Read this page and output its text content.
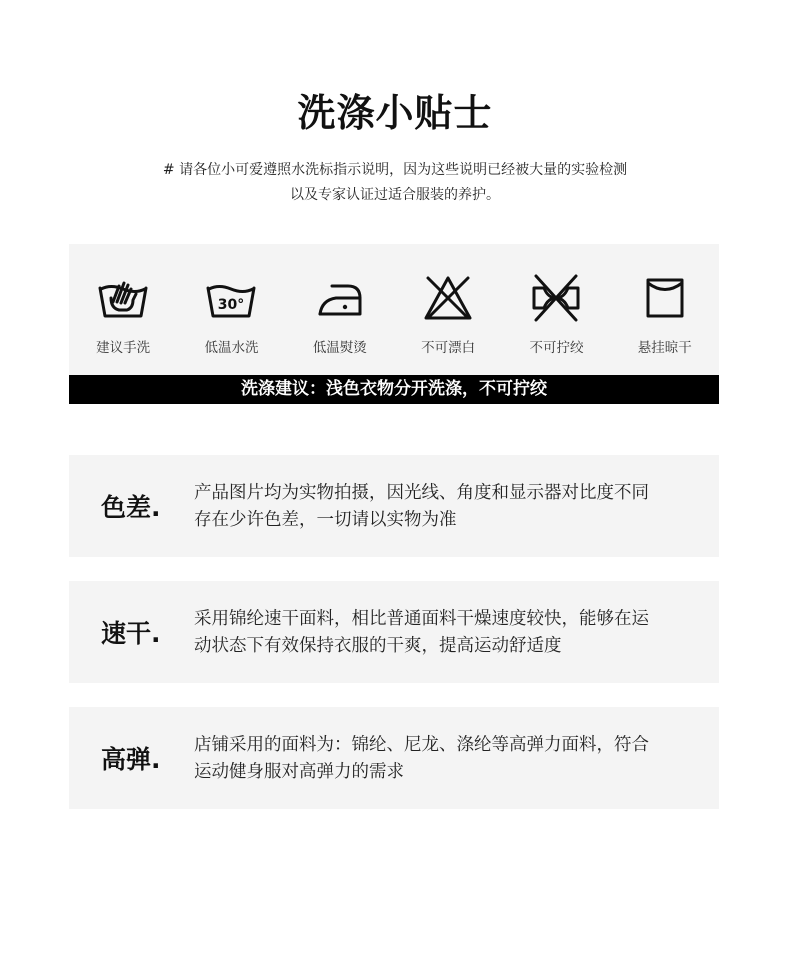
洗涤小贴士
# 请各位小可爱遵照水洗标指示说明，因为这些说明已经被大量的实验检测
以及专家认证过适合服装的养护。
建议手洗
30°
低温水洗	低温熨烫	不可漂白	不可拧绞	悬挂晾干
洗涤建议：浅色衣物分开洗涤，不可拧绞
色差. 产品图片均为实物拍摄，因光线、角度和显示器对比度不同
存在少许色差，一切请以实物为准
速干. 采用锦纶速干面料，相比普通面料干燥速度较快，能够在运
动状态下有效保持衣服的干爽，提高运动舒适度
高弹. 店铺采用的面料为：锦纶、尼龙、涤纶等高弹力面料，符合
运动健身服对高弹力的需求
